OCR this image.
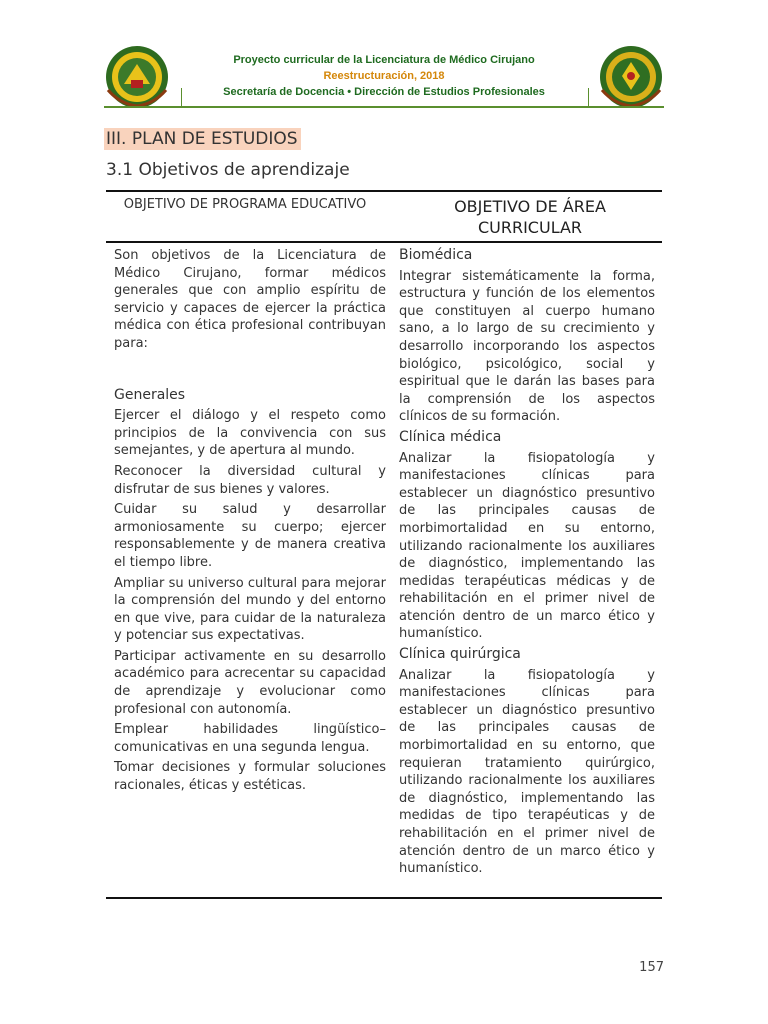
Proyecto curricular de la Licenciatura de Médico Cirujano
Reestructuración, 2018
Secretaría de Docencia • Dirección de Estudios Profesionales
III. PLAN DE ESTUDIOS
3.1 Objetivos de aprendizaje
OBJETIVO DE PROGRAMA EDUCATIVO	OBJETIVO DE ÁREA CURRICULAR

Son objetivos de la Licenciatura de Médico Cirujano, formar médicos generales que con amplio espíritu de servicio y capaces de ejercer la práctica médica con ética profesional contribuyan para:

Generales

Ejercer el diálogo y el respeto como principios de la convivencia con sus semejantes, y de apertura al mundo.

Reconocer la diversidad cultural y disfrutar de sus bienes y valores.

Cuidar su salud y desarrollar armoniosamente su cuerpo; ejercer responsablemente y de manera creativa el tiempo libre.

Ampliar su universo cultural para mejorar la comprensión del mundo y del entorno en que vive, para cuidar de la naturaleza y potenciar sus expectativas.

Participar activamente en su desarrollo académico para acrecentar su capacidad de aprendizaje y evolucionar como profesional con autonomía.

Emplear habilidades lingüístico–comunicativas en una segunda lengua.

Tomar decisiones y formular soluciones racionales, éticas y estéticas.

Biomédica

Integrar sistemáticamente la forma, estructura y función de los elementos que constituyen al cuerpo humano sano, a lo largo de su crecimiento y desarrollo incorporando los aspectos biológico, psicológico, social y espiritual que le darán las bases para la comprensión de los aspectos clínicos de su formación.

Clínica médica

Analizar la fisiopatología y manifestaciones clínicas para establecer un diagnóstico presuntivo de las principales causas de morbimortalidad en su entorno, utilizando racionalmente los auxiliares de diagnóstico, implementando las medidas terapéuticas médicas y de rehabilitación en el primer nivel de atención dentro de un marco ético y humanístico.

Clínica quirúrgica

Analizar la fisiopatología y manifestaciones clínicas para establecer un diagnóstico presuntivo de las principales causas de morbimortalidad en su entorno, que requieran tratamiento quirúrgico, utilizando racionalmente los auxiliares de diagnóstico, implementando las medidas de tipo terapéuticas y de rehabilitación en el primer nivel de atención dentro de un marco ético y humanístico.

157
